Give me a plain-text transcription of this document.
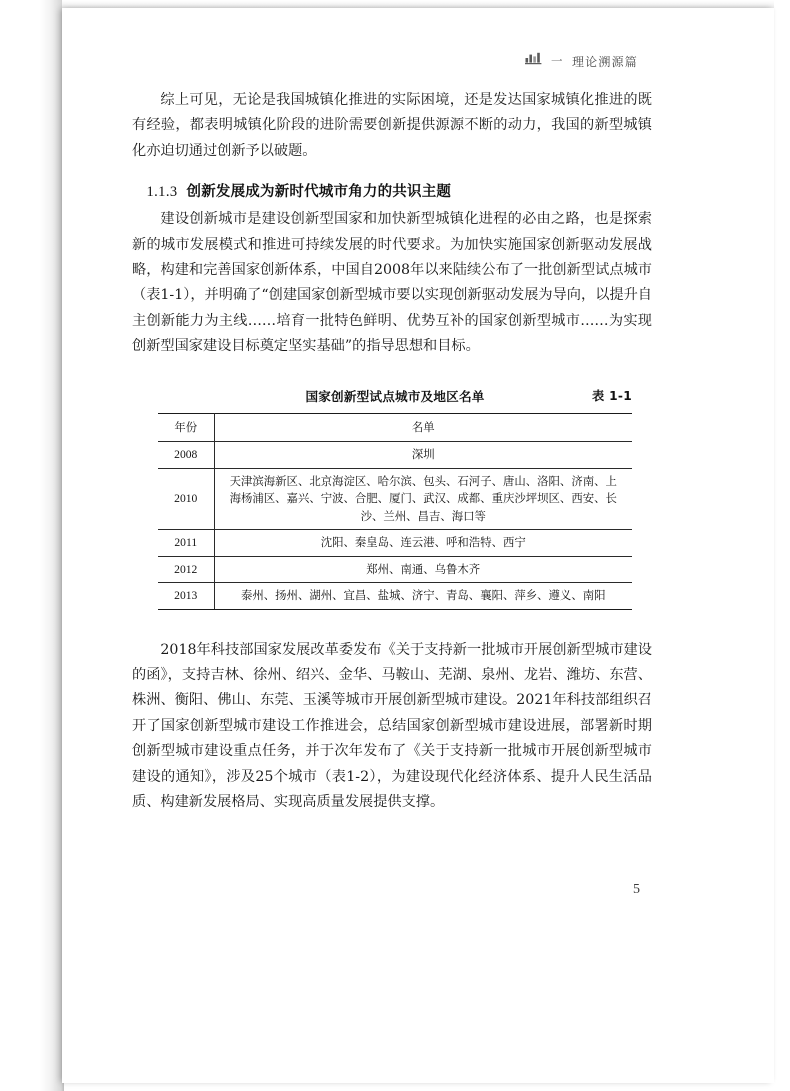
一 理论溯源篇

综上可见，无论是我国城镇化推进的实际困境，还是发达国家城镇化推进的既有经验，都表明城镇化阶段的进阶需要创新提供源源不断的动力，我国的新型城镇化亦迫切通过创新予以破题。

1.1.3 创新发展成为新时代城市角力的共识主题

建设创新城市是建设创新型国家和加快新型城镇化进程的必由之路，也是探索新的城市发展模式和推进可持续发展的时代要求。为加快实施国家创新驱动发展战略，构建和完善国家创新体系，中国自2008年以来陆续公布了一批创新型试点城市（表1-1），并明确了“创建国家创新型城市要以实现创新驱动发展为导向，以提升自主创新能力为主线……培育一批特色鲜明、优势互补的国家创新型城市……为实现创新型国家建设目标奠定坚实基础”的指导思想和目标。

国家创新型试点城市及地区名单	表 1-1
年份	名单
2008	深圳
2010	天津滨海新区、北京海淀区、哈尔滨、包头、石河子、唐山、洛阳、济南、上海杨浦区、嘉兴、宁波、合肥、厦门、武汉、成都、重庆沙坪坝区、西安、长沙、兰州、昌吉、海口等
2011	沈阳、秦皇岛、连云港、呼和浩特、西宁
2012	郑州、南通、乌鲁木齐
2013	泰州、扬州、湖州、宜昌、盐城、济宁、青岛、襄阳、萍乡、遵义、南阳

2018年科技部国家发展改革委发布《关于支持新一批城市开展创新型城市建设的函》，支持吉林、徐州、绍兴、金华、马鞍山、芜湖、泉州、龙岩、潍坊、东营、株洲、衡阳、佛山、东莞、玉溪等城市开展创新型城市建设。2021年科技部组织召开了国家创新型城市建设工作推进会，总结国家创新型城市建设进展，部署新时期创新型城市建设重点任务，并于次年发布了《关于支持新一批城市开展创新型城市建设的通知》，涉及25个城市（表1-2），为建设现代化经济体系、提升人民生活品质、构建新发展格局、实现高质量发展提供支撑。

5
